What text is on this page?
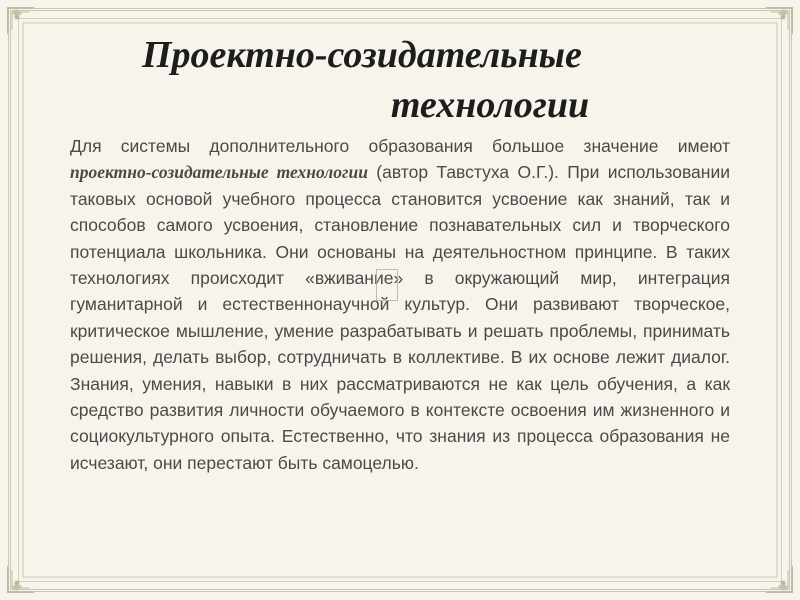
Проектно-созидательные
технологии

Для системы дополнительного образования большое значение имеют проектно-созидательные технологии (автор Тавстуха О.Г.). При использовании таковых основой учебного процесса становится усвоение как знаний, так и способов самого усвоения, становление познавательных сил и творческого потенциала школьника. Они основаны на деятельностном принципе. В таких технологиях происходит «вживание» в окружающий мир, интеграция гуманитарной и естественнонаучной культур. Они развивают творческое, критическое мышление, умение разрабатывать и решать проблемы, принимать решения, делать выбор, сотрудничать в коллективе. В их основе лежит диалог. Знания, умения, навыки в них рассматриваются не как цель обучения, а как средство развития личности обучаемого в контексте освоения им жизненного и социокультурного опыта. Естественно, что знания из процесса образования не исчезают, они перестают быть самоцелью.
